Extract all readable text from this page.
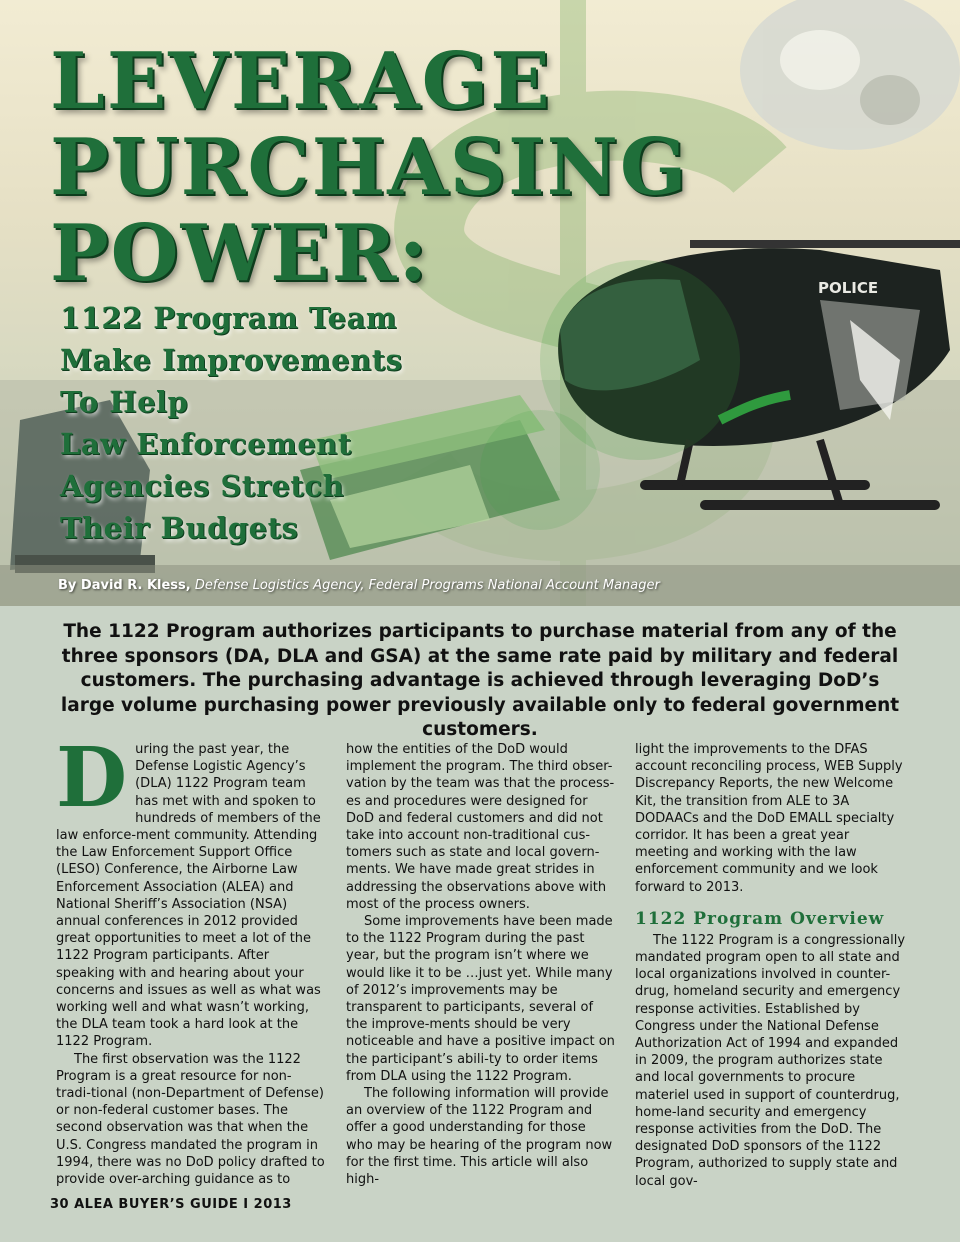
POLICE
LEVERAGE
PURCHASING
POWER:
1122 Program Team
Make Improvements
To Help
Law Enforcement
Agencies Stretch
Their Budgets
By David R. Kless, Defense Logistics Agency, Federal Programs National Account Manager
The 1122 Program authorizes participants to purchase material from any of the three sponsors (DA, DLA and GSA) at the same rate paid by military and federal customers. The purchasing advantage is achieved through leveraging DoD’s large volume purchasing power previously available only to federal government customers.
D uring the past year, the Defense Logistic Agency’s (DLA) 1122 Program team has met with and spoken to hundreds of members of the law enforce-ment community. Attending the Law Enforcement Support Office (LESO) Conference, the Airborne Law Enforcement Association (ALEA) and National Sheriff’s Association (NSA) annual conferences in 2012 provided great opportunities to meet a lot of the 1122 Program participants. After speaking with and hearing about your concerns and issues as well as what was working well and what wasn’t working, the DLA team took a hard look at the 1122 Program.

The first observation was the 1122 Program is a great resource for non-tradi-tional (non-Department of Defense) or non-federal customer bases. The second observation was that when the U.S. Congress mandated the program in 1994, there was no DoD policy drafted to provide over-arching guidance as to

how the entities of the DoD would implement the program. The third obser-vation by the team was that the process-es and procedures were designed for DoD and federal customers and did not take into account non-traditional cus-tomers such as state and local govern-ments. We have made great strides in addressing the observations above with most of the process owners.

Some improvements have been made to the 1122 Program during the past year, but the program isn’t where we would like it to be …just yet. While many of 2012’s improvements may be transparent to participants, several of the improve-ments should be very noticeable and have a positive impact on the participant’s abili-ty to order items from DLA using the 1122 Program.

The following information will provide an overview of the 1122 Program and offer a good understanding for those who may be hearing of the program now for the first time. This article will also high-

light the improvements to the DFAS account reconciling process, WEB Supply Discrepancy Reports, the new Welcome Kit, the transition from ALE to 3A DODAACs and the DoD EMALL specialty corridor. It has been a great year meeting and working with the law enforcement community and we look forward to 2013.

1122 Program Overview

The 1122 Program is a congressionally mandated program open to all state and local organizations involved in counter-drug, homeland security and emergency response activities. Established by Congress under the National Defense Authorization Act of 1994 and expanded in 2009, the program authorizes state and local governments to procure materiel used in support of counterdrug, home-land security and emergency response activities from the DoD. The designated DoD sponsors of the 1122 Program, authorized to supply state and local gov-

30 ALEA BUYER’S GUIDE I 2013
